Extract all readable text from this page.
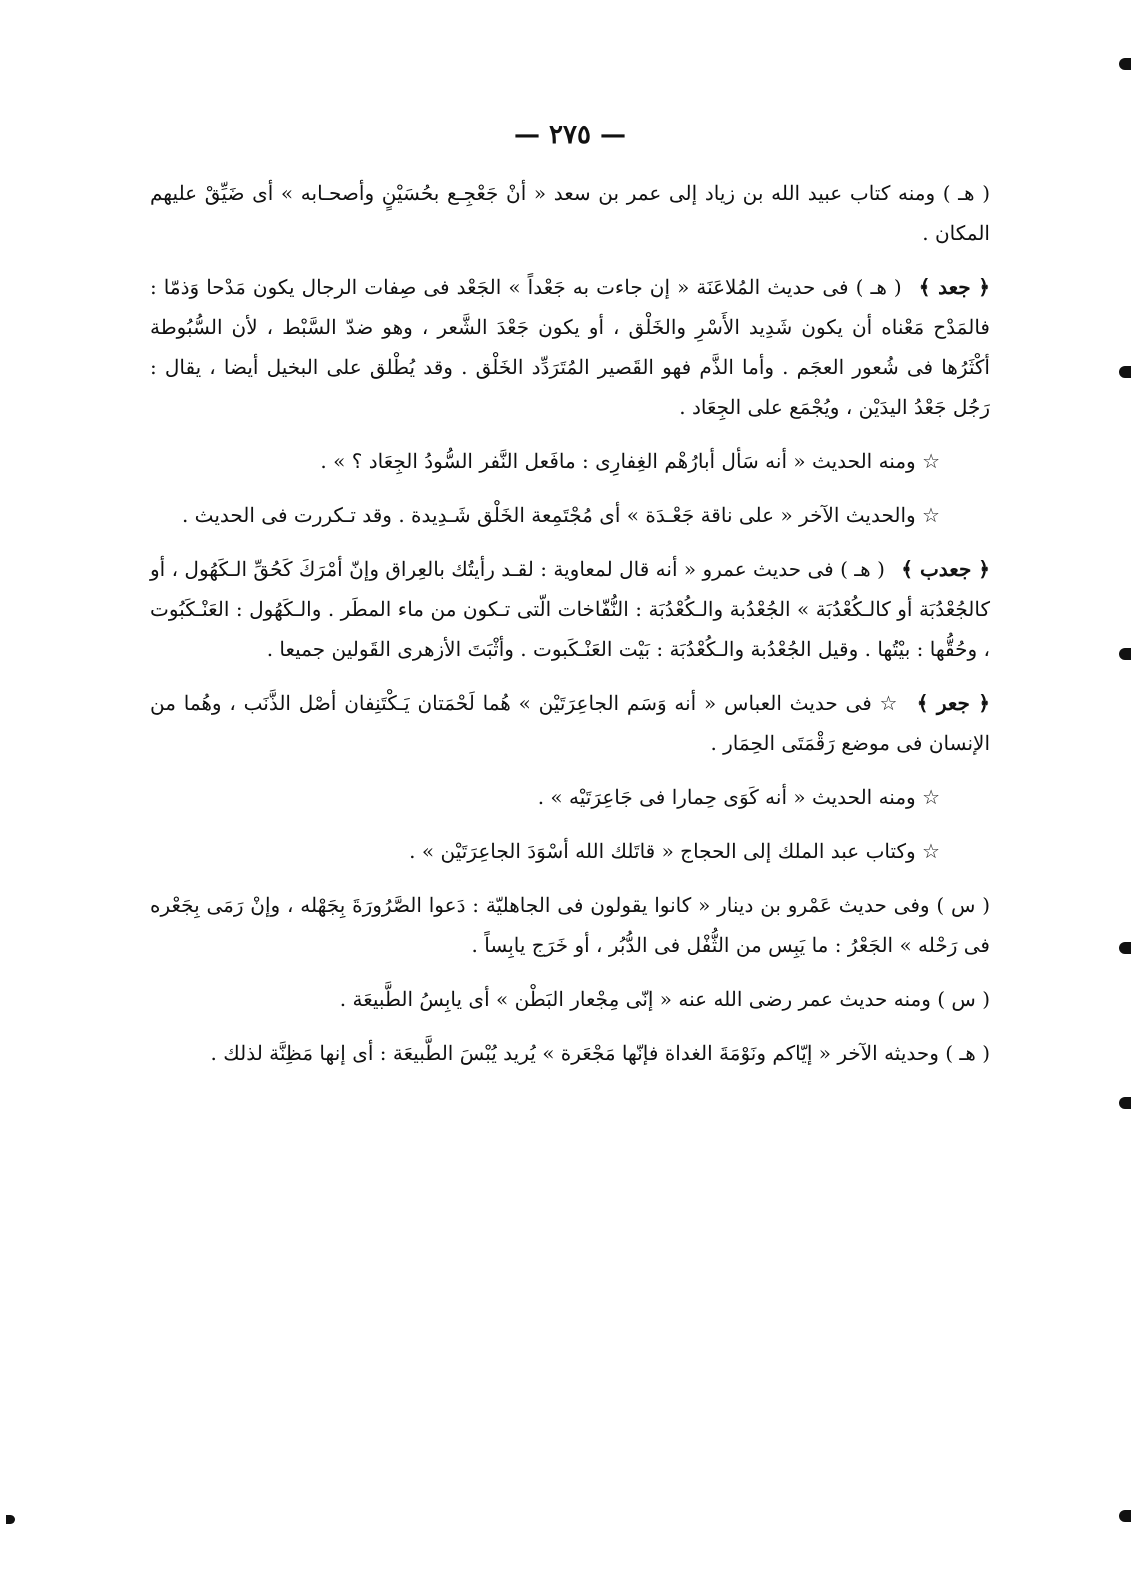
— ٢٧٥ —

( هـ ) ومنه كتاب عبيد الله بن زياد إلى عمر بن سعد « أنْ جَعْجِـع بحُسَيْنٍ وأصحـابه » أى ضَيِّقْ عليهم المكان .

﴿ جعد ﴾ ( هـ ) فى حديث المُلاعَنَة « إن جاءت به جَعْداً » الجَعْد فى صِفات الرجال يكون مَدْحا وَذمّا : فالمَدْح مَعْناه أن يكون شَدِيد الأَسْرِ والخَلْق ، أو يكون جَعْدَ الشَّعر ، وهو ضدّ السَّبْط ، لأن السُّبُوطة أكْثَرُها فى شُعور العجَم . وأما الذَّم فهو القَصير المُتَرَدِّد الخَلْق . وقد يُطْلق على البخيل أيضا ، يقال : رَجُل جَعْدُ اليدَيْن ، ويُجْمَع على الجِعَاد .

☆ ومنه الحديث « أنه سَأل أبارُهْم الغِفارِى : مافَعل النَّفر السُّودُ الجِعَاد ؟ » .

☆ والحديث الآخر « على ناقة جَعْـدَة » أى مُجْتَمِعة الخَلْق شَـدِيدة . وقد تـكررت فى الحديث .

﴿ جعدب ﴾ ( هـ ) فى حديث عمرو « أنه قال لمعاوية : لقـد رأيتُك بالعِراق وإنّ أمْرَكَ كَحُقِّ الـكَهُول ، أو كالجُعْدُبَة أو كالـكُعْدُبَة » الجُعْدُبة والـكُعْدُبَة : النُّفّاخات الّتى تـكون من ماء المطَر . والـكَهُول : العَنْـكَبُوت ، وحُقُّها : بيْتُها . وقيل الجُعْدُبة والـكُعْدُبَة : بَيْت العَنْـكَبوت . وأثْبَتَ الأزهرى القَولين جميعا .

﴿ جعر ﴾ ☆ فى حديث العباس « أنه وَسَم الجاعِرَتَيْن » هُما لَحْمَتان يَـكْتَنِفان أصْل الذَّنَب ، وهُما من الإنسان فى موضع رَقْمَتَى الحِمَار .

☆ ومنه الحديث « أنه كَوَى حِمارا فى جَاعِرَتَيْه » .

☆ وكتاب عبد الملك إلى الحجاج « قاتَلك الله أسْوَدَ الجاعِرَتَيْن » .

( س ) وفى حديث عَمْرو بن دينار « كانوا يقولون فى الجاهليّة : دَعوا الصَّرُورَةَ بِجَهْله ، وإنْ رَمَى بِجَعْره فى رَحْله » الجَعْرُ : ما يَبِس من الثُّفْل فى الدُّبُر ، أو خَرَج يابِساً .

( س ) ومنه حديث عمر رضى الله عنه « إنّى مِجْعار البَطْن » أى يابِسُ الطَّبيعَة .

( هـ ) وحديثه الآخر « إيّاكم ونَوْمَةَ الغداة فإنّها مَجْعَرة » يُريد يُبْسَ الطَّبيعَة : أى إنها مَظِنَّة لذلك .
